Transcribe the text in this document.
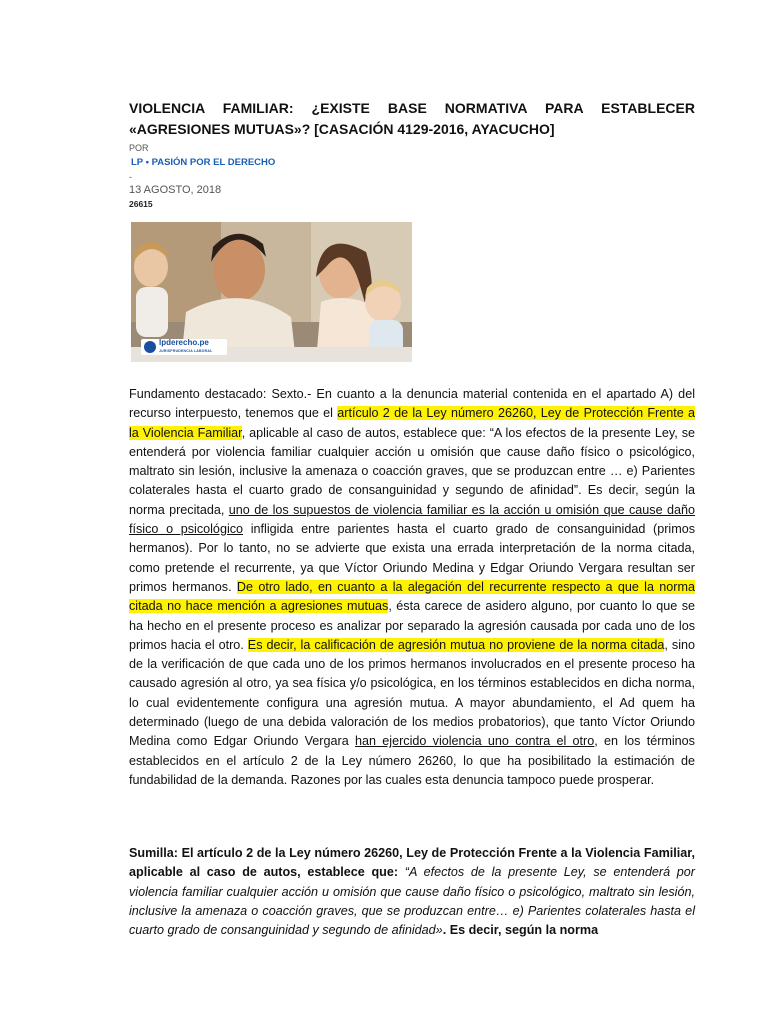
VIOLENCIA FAMILIAR: ¿EXISTE BASE NORMATIVA PARA ESTABLECER «AGRESIONES MUTUAS»? [CASACIÓN 4129-2016, AYACUCHO]
POR
LP • PASIÓN POR EL DERECHO
-
13 AGOSTO, 2018
26615
lpderecho.pe
JURISPRUDENCIA LABORAL

Fundamento destacado: Sexto.- En cuanto a la denuncia material contenida en el apartado A) del recurso interpuesto, tenemos que el artículo 2 de la Ley número 26260, Ley de Protección Frente a la Violencia Familiar, aplicable al caso de autos, establece que: “A los efectos de la presente Ley, se entenderá por violencia familiar cualquier acción u omisión que cause daño físico o psicológico, maltrato sin lesión, inclusive la amenaza o coacción graves, que se produzcan entre … e) Parientes colaterales hasta el cuarto grado de consanguinidad y segundo de afinidad”. Es decir, según la norma precitada, uno de los supuestos de violencia familiar es la acción u omisión que cause daño físico o psicológico infligida entre parientes hasta el cuarto grado de consanguinidad (primos hermanos). Por lo tanto, no se advierte que exista una errada interpretación de la norma citada, como pretende el recurrente, ya que Víctor Oriundo Medina y Edgar Oriundo Vergara resultan ser primos hermanos. De otro lado, en cuanto a la alegación del recurrente respecto a que la norma citada no hace mención a agresiones mutuas, ésta carece de asidero alguno, por cuanto lo que se ha hecho en el presente proceso es analizar por separado la agresión causada por cada uno de los primos hacia el otro. Es decir, la calificación de agresión mutua no proviene de la norma citada, sino de la verificación de que cada uno de los primos hermanos involucrados en el presente proceso ha causado agresión al otro, ya sea física y/o psicológica, en los términos establecidos en dicha norma, lo cual evidentemente configura una agresión mutua. A mayor abundamiento, el Ad quem ha determinado (luego de una debida valoración de los medios probatorios), que tanto Víctor Oriundo Medina como Edgar Oriundo Vergara han ejercido violencia uno contra el otro, en los términos establecidos en el artículo 2 de la Ley número 26260, lo que ha posibilitado la estimación de fundabilidad de la demanda. Razones por las cuales esta denuncia tampoco puede prosperar.

Sumilla: El artículo 2 de la Ley número 26260, Ley de Protección Frente a la Violencia Familiar, aplicable al caso de autos, establece que: “A efectos de la presente Ley, se entenderá por violencia familiar cualquier acción u omisión que cause daño físico o psicológico, maltrato sin lesión, inclusive la amenaza o coacción graves, que se produzcan entre… e) Parientes colaterales hasta el cuarto grado de consanguinidad y segundo de afinidad». Es decir, según la norma
